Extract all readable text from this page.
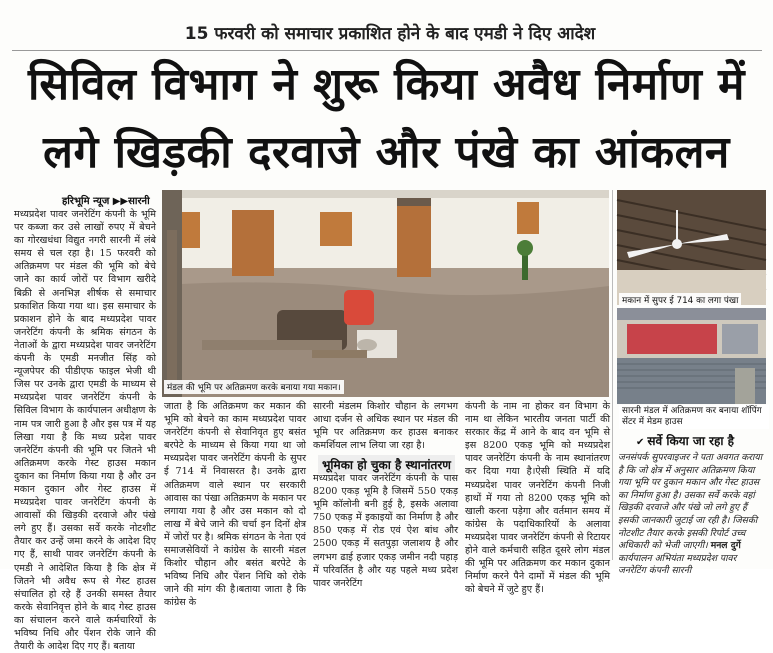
15 फरवरी को समाचार प्रकाशित होने के बाद एमडी ने दिए आदेश
सिविल विभाग ने शुरू किया अवैध निर्माण में
लगे खिड़की दरवाजे और पंखे का आंकलन
हरिभूमि न्यूज ▶▶सारनी

मध्यप्रदेश पावर जनरेटिंग कंपनी के भूमि पर कब्जा कर उसे लाखों रुपए में बेचने का गोरखधंधा विद्युत नगरी सारनी में लंबे समय से चल रहा है। 15 फरवरी को अतिक्रमण पर मंडल की भूमि को बेचे जाने का कार्य जोरों पर विभाग खरीदे बिक्री से अनभिज्ञ शीर्षक से समाचार प्रकाशित किया गया था। इस समाचार के प्रकाशन होने के बाद मध्यप्रदेश पावर जनरेटिंग कंपनी के श्रमिक संगठन के नेताओं के द्वारा मध्यप्रदेश पावर जनरेटिंग कंपनी के एमडी मनजीत सिंह को न्यूजपेपर की पीडीएफ फाइल भेजी थी जिस पर उनके द्वारा एमडी के माध्यम से मध्यप्रदेश पावर जनरेटिंग कंपनी के सिविल विभाग के कार्यपालन अधीक्षण के नाम पत्र जारी हुआ है और इस पत्र में यह लिखा गया है कि मध्य प्रदेश पावर जनरेटिंग कंपनी की भूमि पर जितने भी अतिक्रमण करके गेस्ट हाउस मकान दुकान का निर्माण किया गया है और उन मकान दुकान और गेस्ट हाउस में मध्यप्रदेश पावर जनरेटिंग कंपनी के आवासों की खिड़की दरवाजे और पंखे लगे हुए हैं। उसका सर्वे करके नोटशीट तैयार कर उन्हें जमा करने के आदेश दिए गए हैं, साथी पावर जनरेटिंग कंपनी के एमडी ने आदेशित किया है कि क्षेत्र में जितने भी अवैध रूप से गेस्ट हाउस संचालित हो रहे हैं उनकी समस्त तैयार करके सेवानिवृत्त होने के बाद गेस्ट हाउस का संचालन करने वाले कर्मचारियों के भविष्य निधि और पेंशन रोके जाने की तैयारी के आदेश दिए गए हैं। बताया

मंडल की भूमि पर अतिक्रमण करके बनाया गया मकान।
मकान में सुपर ई 714 का लगा पंखा
सारनी मंडल में अतिक्रमण कर बनाया शॉपिंग सेंटर में मेडम हाउस

जाता है कि अतिक्रमण कर मकान की भूमि को बेचने का काम मध्यप्रदेश पावर जनरेटिंग कंपनी से सेवानिवृत हुए बसंत बरपेटे के माध्यम से किया गया था जो मध्यप्रदेश पावर जनरेटिंग कंपनी के सुपर ई 714 में निवासरत है। उनके द्वारा अतिक्रमण वाले स्थान पर सरकारी आवास का पंखा अतिक्रमण के मकान पर लगाया गया है और उस मकान को दो लाख में बेचे जाने की चर्चा इन दिनों क्षेत्र में जोरों पर है। श्रमिक संगठन के नेता एवं समाजसेवियों ने कांग्रेस के सारनी मंडल किशोर चौहान और बसंत बरपेटे के भविष्य निधि और पेंशन निधि को रोके जाने की मांग की है।बताया जाता है कि कांग्रेस के

सारनी मंडलम किशोर चौहान के लगभग आधा दर्जन से अधिक स्थान पर मंडल की भूमि पर अतिक्रमण कर हाउस बनाकर कमर्शियल लाभ लिया जा रहा है।

भूमिका हो चुका है स्थानांतरण

मध्यप्रदेश पावर जनरेटिंग कंपनी के पास 8200 एकड़ भूमि है जिसमें 550 एकड़ भूमि कॉलोनी बनी हुई है, इसके अलावा 750 एकड़ में इकाइयों का निर्माण है और 850 एकड़ में रोड एवं ऐश बांध और 2500 एकड़ में सतपुड़ा जलाशय है और लगभग ढाई हजार एकड़ जमीन नदी पहाड़ में परिवर्तित है और यह पहले मध्य प्रदेश पावर जनरेटिंग

कंपनी के नाम ना होकर वन विभाग के नाम था लेकिन भारतीय जनता पार्टी की सरकार केंद्र में आने के बाद वन भूमि से इस 8200 एकड़ भूमि को मध्यप्रदेश पावर जनरेटिंग कंपनी के नाम स्थानांतरण कर दिया गया है।ऐसी स्थिति में यदि मध्यप्रदेश पावर जनरेटिंग कंपनी निजी हाथों में गया तो 8200 एकड़ भूमि को खाली करना पड़ेगा और वर्तमान समय में कांग्रेस के पदाधिकारियों के अलावा मध्यप्रदेश पावर जनरेटिंग कंपनी से रिटायर होने वाले कर्मचारी सहित दूसरे लोग मंडल की भूमि पर अतिक्रमण कर मकान दुकान निर्माण करने पैने दामों में मंडल की भूमि को बेचने में जुटे हुए हैं।

✔ सर्वे किया जा रहा है
जनसंपर्क सुपरवाइजर ने पता अवगत कराया है कि जो क्षेत्र में अनुसार अतिक्रमण किया गया भूमि पर दुकान मकान और गेस्ट हाउस का निर्माण हुआ है। उसका सर्वे करके वहां खिड़की दरवाजे और पंखे जो लगे हुए हैं इसकी जानकारी जुटाई जा रही है। जिसकी नोटशीट तैयार करके इसकी रिपोर्ट उच्च अधिकारी को भेजी जाएगी। मनल दुर्गे कार्यपालन अभियंता मध्यप्रदेश पावर जनरेटिंग कंपनी सारनी
